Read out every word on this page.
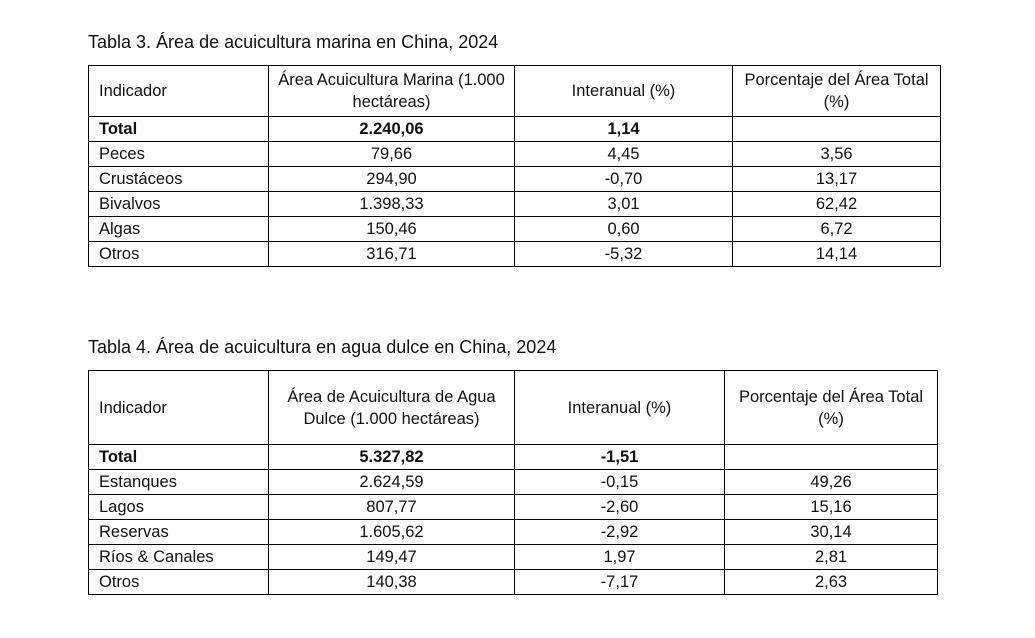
Tabla 3. Área de acuicultura marina en China, 2024
Indicador	Área Acuicultura Marina (1.000 hectáreas)	Interanual (%)	Porcentaje del Área Total (%)
Total	2.240,06	1,14	
Peces	79,66	4,45	3,56
Crustáceos	294,90	-0,70	13,17
Bivalvos	1.398,33	3,01	62,42
Algas	150,46	0,60	6,72
Otros	316,71	-5,32	14,14
Tabla 4. Área de acuicultura en agua dulce en China, 2024
Indicador	Área de Acuicultura de Agua Dulce (1.000 hectáreas)	Interanual (%)	Porcentaje del Área Total (%)
Total	5.327,82	-1,51	
Estanques	2.624,59	-0,15	49,26
Lagos	807,77	-2,60	15,16
Reservas	1.605,62	-2,92	30,14
Ríos & Canales	149,47	1,97	2,81
Otros	140,38	-7,17	2,63
